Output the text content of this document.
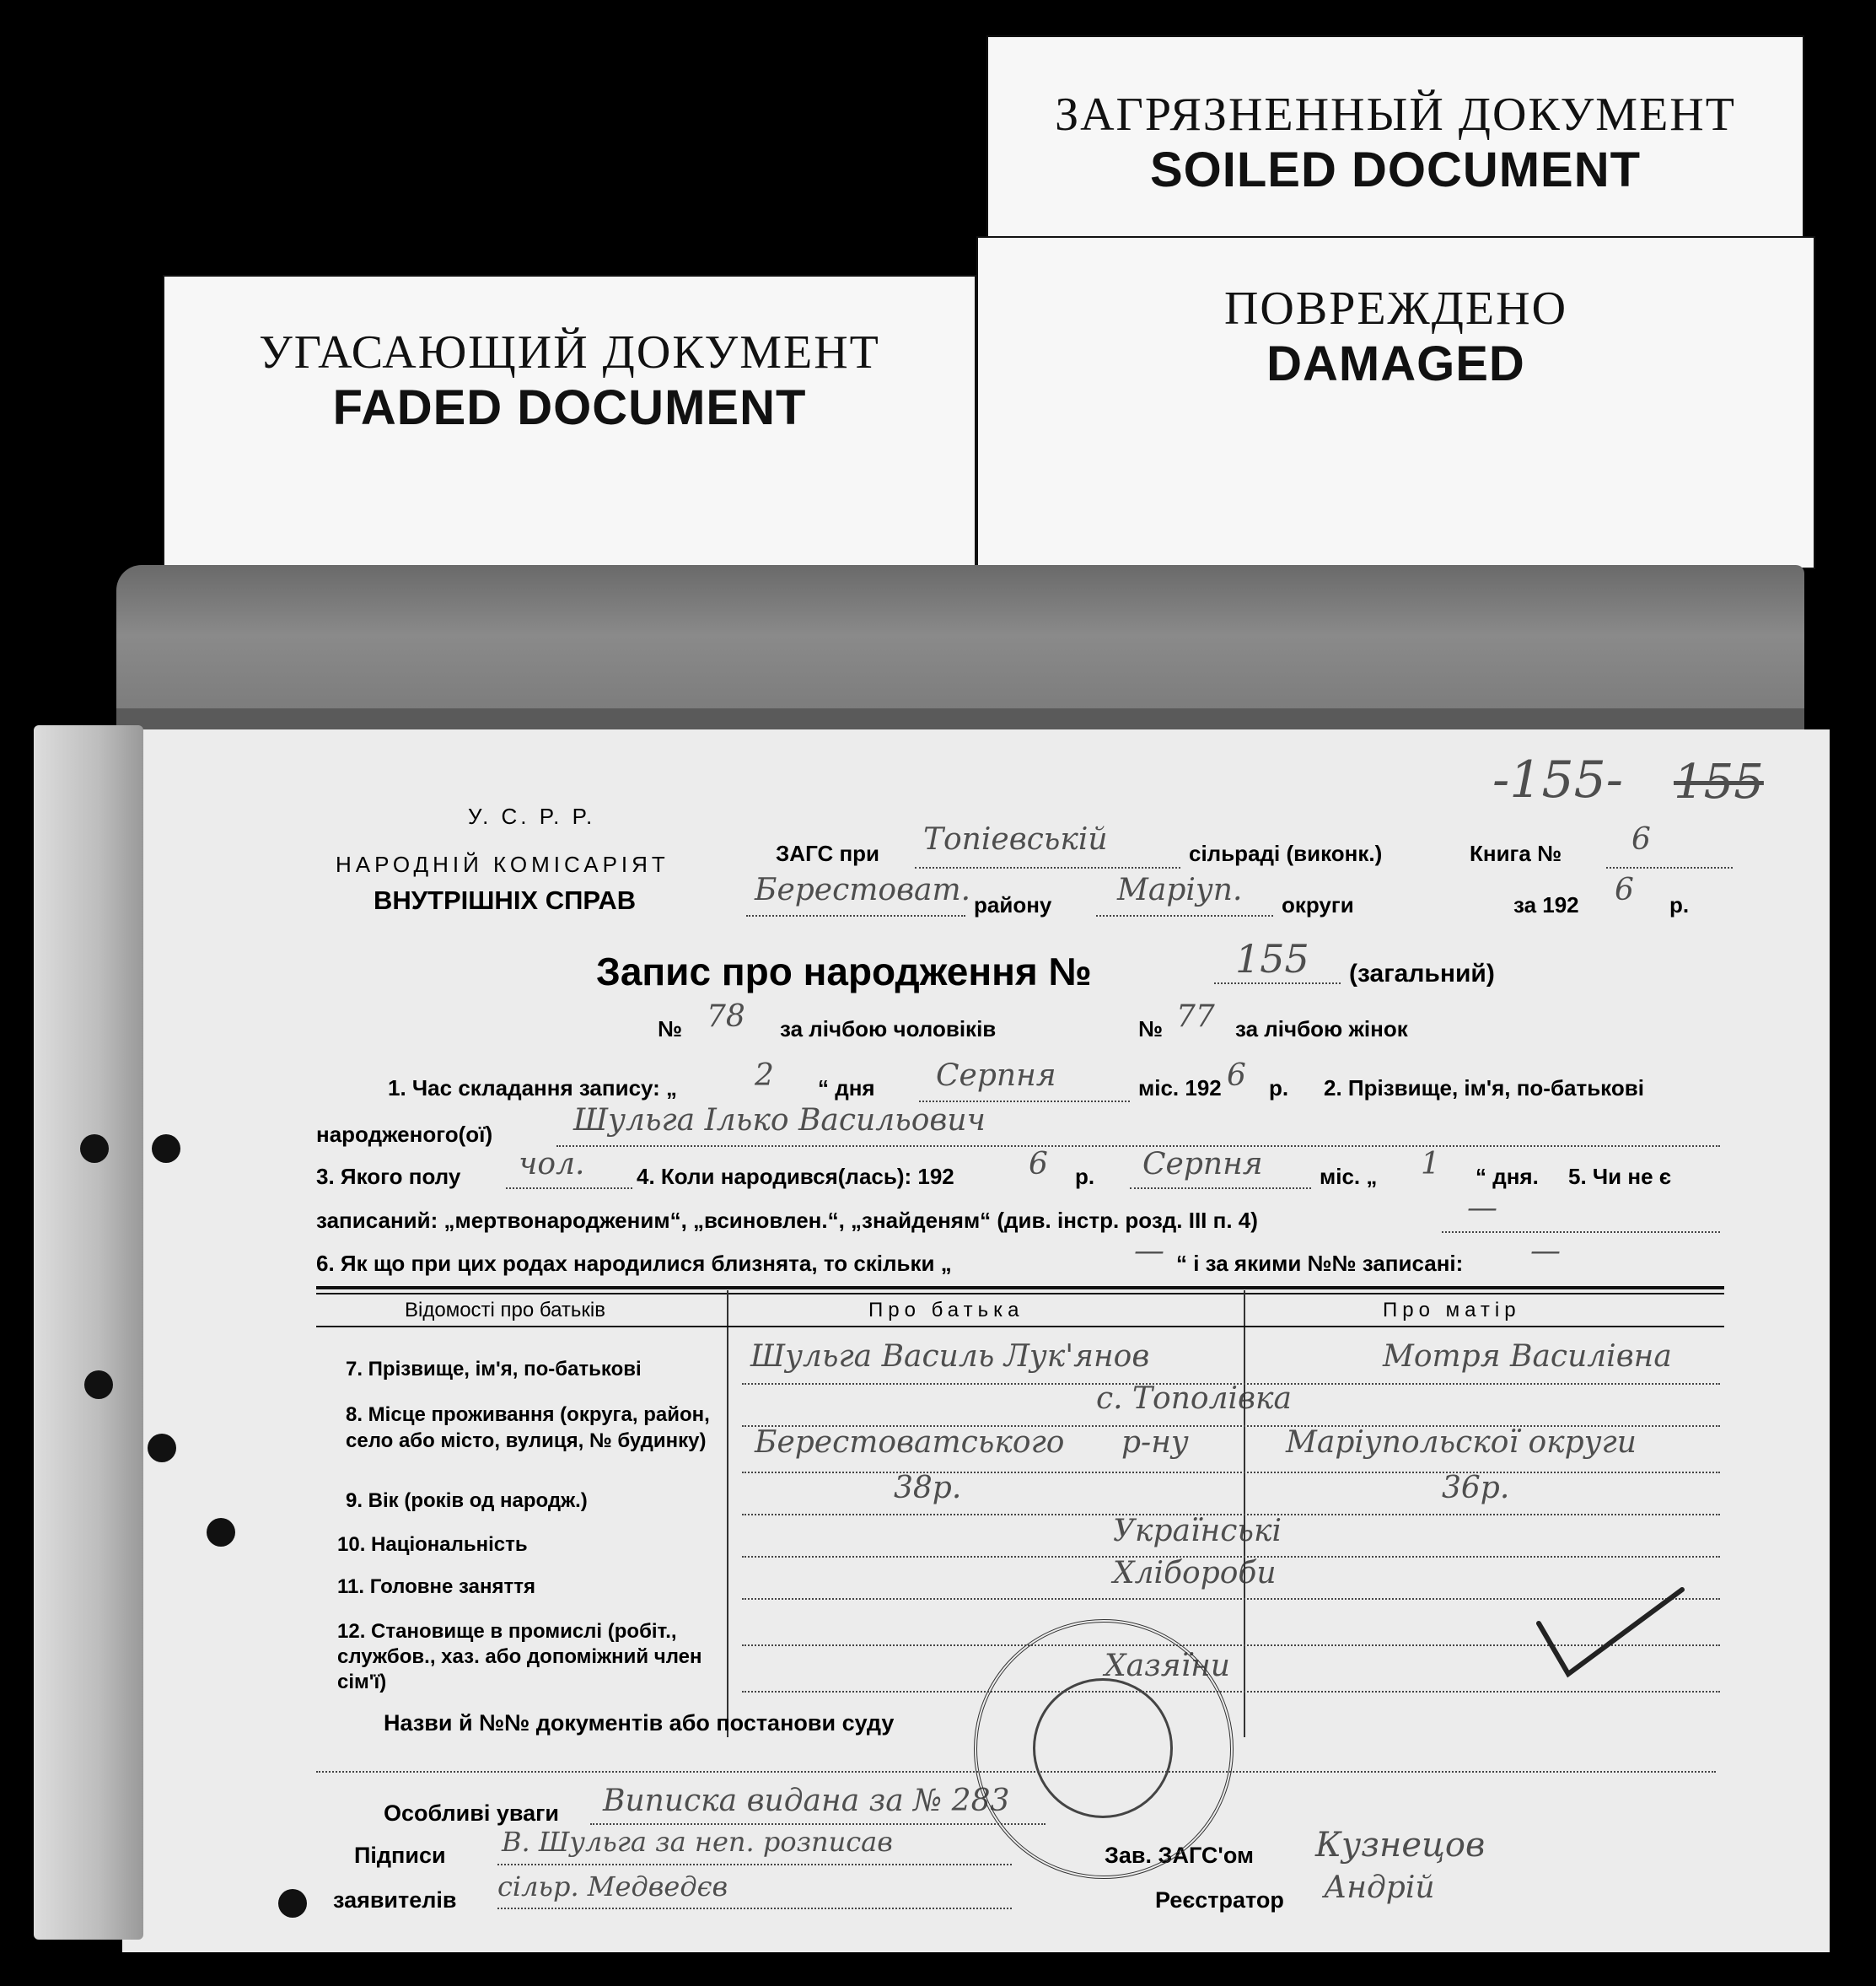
ЗАГРЯЗНЕННЫЙ ДОКУМЕНТ
SOILED DOCUMENT
УГАСАЮЩИЙ ДОКУМЕНТ
FADED DOCUMENT
ПОВРЕЖДЕНО
DAMAGED
-155- 155
У. С. Р. Р.
НАРОДНІЙ КОМІСАРІЯТ
ВНУТРІШНІХ СПРАВ
ЗАГС при Топіевській	сільраді (виконк.)	Книга № 6
Берестоват. району Маріуп. округи	за 192 6 р.
Запис про народження №	155 (загальний)
№ 78 за лічбою чоловіків	№ 77 за лічбою жінок
1. Час складання запису: „	2 “ дня Серпня	міс. 192 6 р. 2. Прізвище, ім'я, по-батькові
народженого(ої)	Шульга Ілько Васильович
3. Якого полу чол. 4. Коли народився(лась): 192 6 р. Серпня	міс. „ 1 “ дня. 5. Чи не є
записаний: „мертвонародженим“, „всиновлен.“, „знайденям“ (див. інстр. розд. III п. 4)	—
6. Як що при цих родах народилися близнята, то скільки „	— “ і за якими №№ записані: —
Відомості про батьків	Про батька	Про матір
7. Прізвище, ім'я, по-батькові	Шульга Василь Лук'янов	Мотря Василівна
8. Місце проживання (округа, район, село або місто, вулиця, № будинку)
с. Тополівка
Берестоватського р-ну	Маріупольскої округи
9. Вік (років од народж.)	38р.	36р.
10. Національність	Українські
11. Головне заняття	Хлібороби
12. Становище в промислі (робіт., службов., хаз. або допоміжний член сім'ї)	Хазяїни
Назви й №№ документів або постанови суду
Особливі уваги Виписка видана за № 283
Підписи
заявителів
В. Шульга за неп. розписав
сільр. Медведєв
Зав. ЗАГС'ом Кузнецов
Реєстратор Андрій
